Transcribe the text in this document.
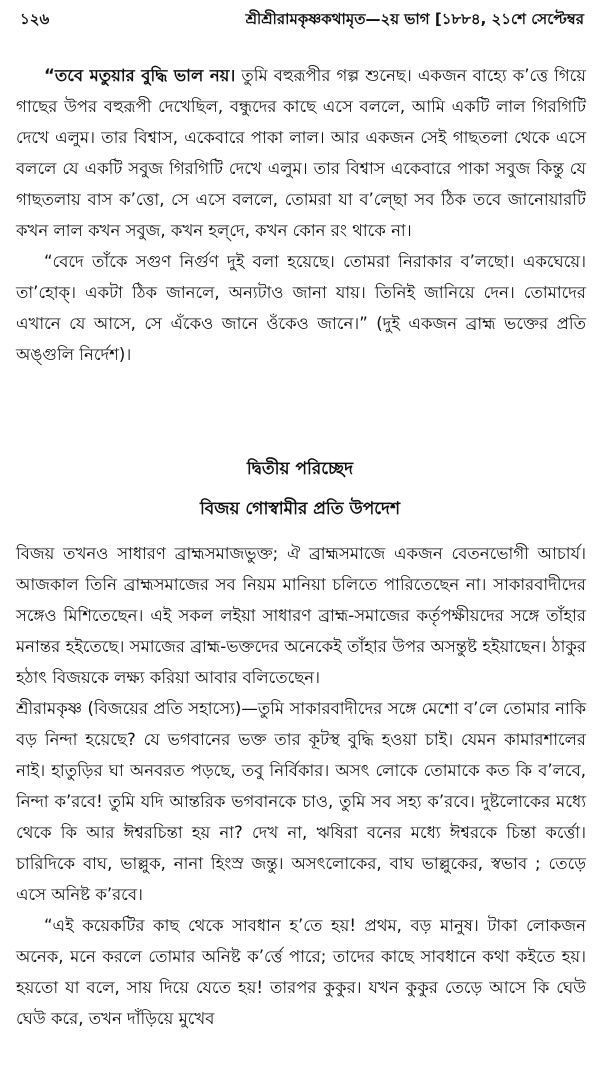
১২৬	শ্রীশ্রীরামকৃষ্ণকথামৃত—২য় ভাগ [১৮৮৪, ২১শে সেপ্টেম্বর

“তবে মতুয়ার বুদ্ধি ভাল নয়। তুমি বহুরূপীর গল্প শুনেছ। একজন বাহ্যে ক’ত্তে গিয়ে গাছের উপর বহুরূপী দেখেছিল, বন্ধুদের কাছে এসে বললে, আমি একটি লাল গিরগিটি দেখে এলুম। তার বিশ্বাস, একেবারে পাকা লাল। আর একজন সেই গাছতলা থেকে এসে বললে যে একটি সবুজ গিরগিটি দেখে এলুম। তার বিশ্বাস একেবারে পাকা সবুজ কিন্তু যে গাছতলায় বাস ক’ত্তো, সে এসে বললে, তোমরা যা ব’ল্ছো সব ঠিক তবে জানোয়ারটি কখন লাল কখন সবুজ, কখন হল্‌দে, কখন কোন রং থাকে না।

“বেদে তাঁকে সগুণ নির্গুণ দুই বলা হয়েছে। তোমরা নিরাকার ব’লছো। একঘেয়ে। তা’হোক্‌। একটা ঠিক জানলে, অন্যটাও জানা যায়। তিনিই জানিয়ে দেন। তোমাদের এখানে যে আসে, সে এঁকেও জানে ওঁকেও জানে।” (দুই একজন ব্রাহ্ম ভক্তের প্রতি অঙ্গুলি নির্দেশ)।

দ্বিতীয় পরিচ্ছেদ
বিজয় গোস্বামীর প্রতি উপদেশ

বিজয় তখনও সাধারণ ব্রাহ্মসমাজভুক্ত; ঐ ব্রাহ্মসমাজে একজন বেতনভোগী আচার্য। আজকাল তিনি ব্রাহ্মসমাজের সব নিয়ম মানিয়া চলিতে পারিতেছেন না। সাকারবাদীদের সঙ্গেও মিশিতেছেন। এই সকল লইয়া সাধারণ ব্রাহ্ম-সমাজের কর্তৃপক্ষীয়দের সঙ্গে তাঁহার মনান্তর হইতেছে। সমাজের ব্রাহ্ম-ভক্তদের অনেকেই তাঁহার উপর অসন্তুষ্ট হইয়াছেন। ঠাকুর হঠাৎ বিজয়কে লক্ষ্য করিয়া আবার বলিতেছেন।

শ্রীরামকৃষ্ণ (বিজয়ের প্রতি সহাস্যে)—তুমি সাকারবাদীদের সঙ্গে মেশো ব’লে তোমার নাকি বড় নিন্দা হয়েছে? যে ভগবানের ভক্ত তার কূটস্থ বুদ্ধি হওয়া চাই। যেমন কামারশালের নাই। হাতুড়ির ঘা অনবরত পড়ছে, তবু নির্বিকার। অসৎ লোকে তোমাকে কত কি ব’লবে, নিন্দা ক’রবে! তুমি যদি আন্তরিক ভগবানকে চাও, তুমি সব সহ্য ক’রবে। দুষ্টলোকের মধ্যে থেকে কি আর ঈশ্বরচিন্তা হয় না? দেখ না, ঋষিরা বনের মধ্যে ঈশ্বরকে চিন্তা কর্ত্তো। চারিদিকে বাঘ, ভাল্লুক, নানা হিংস্র জন্তু। অসৎলোকের, বাঘ ভাল্লুকের, স্বভাব ; তেড়ে এসে অনিষ্ট ক’রবে।

“এই কয়েকটির কাছ থেকে সাবধান হ’তে হয়! প্রথম, বড় মানুষ। টাকা লোকজন অনেক, মনে করলে তোমার অনিষ্ট ক’র্ত্তে পারে; তাদের কাছে সাবধানে কথা কইতে হয়। হয়তো যা বলে, সায় দিয়ে যেতে হয়! তারপর কুকুর। যখন কুকুর তেড়ে আসে কি ঘেউ ঘেউ করে, তখন দাঁড়িয়ে মুখেব
